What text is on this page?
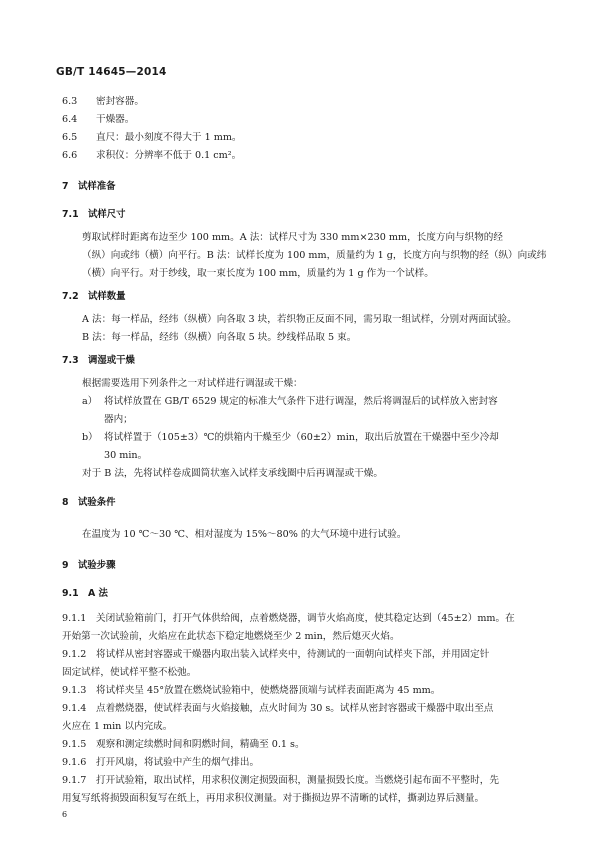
GB/T 14645—2014
6.3 密封容器。
6.4 干燥器。
6.5 直尺：最小刻度不得大于 1 mm。
6.6 求积仪：分辨率不低于 0.1 cm²。
7 试样准备
7.1 试样尺寸
剪取试样时距离布边至少 100 mm。A 法：试样尺寸为 330 mm×230 mm，长度方向与织物的经
（纵）向或纬（横）向平行。B 法：试样长度为 100 mm，质量约为 1 g，长度方向与织物的经（纵）向或纬
（横）向平行。对于纱线，取一束长度为 100 mm，质量约为 1 g 作为一个试样。
7.2 试样数量
A 法：每一样品，经纬（纵横）向各取 3 块，若织物正反面不同，需另取一组试样，分别对两面试验。
B 法：每一样品，经纬（纵横）向各取 5 块。纱线样品取 5 束。
7.3 调湿或干燥
根据需要选用下列条件之一对试样进行调湿或干燥：
a） 将试样放置在 GB/T 6529 规定的标准大气条件下进行调湿，然后将调湿后的试样放入密封容
器内；
b） 将试样置于（105±3）℃的烘箱内干燥至少（60±2）min，取出后放置在干燥器中至少冷却
30 min。
对于 B 法，先将试样卷成圆筒状塞入试样支承线圈中后再调湿或干燥。
8 试验条件
在温度为 10 ℃～30 ℃、相对湿度为 15%～80% 的大气环境中进行试验。
9 试验步骤
9.1 A 法
9.1.1 关闭试验箱前门，打开气体供给阀，点着燃烧器，调节火焰高度，使其稳定达到（45±2）mm。在
开始第一次试验前，火焰应在此状态下稳定地燃烧至少 2 min，然后熄灭火焰。
9.1.2 将试样从密封容器或干燥器内取出装入试样夹中，待测试的一面朝向试样夹下部，并用固定针
固定试样，使试样平整不松弛。
9.1.3 将试样夹呈 45°放置在燃烧试验箱中，使燃烧器顶端与试样表面距离为 45 mm。
9.1.4 点着燃烧器，使试样表面与火焰接触，点火时间为 30 s。试样从密封容器或干燥器中取出至点
火应在 1 min 以内完成。
9.1.5 观察和测定续燃时间和阴燃时间，精确至 0.1 s。
9.1.6 打开风扇，将试验中产生的烟气排出。
9.1.7 打开试验箱，取出试样，用求积仪测定损毁面积，测量损毁长度。当燃烧引起布面不平整时，先
用复写纸将损毁面积复写在纸上，再用求积仪测量。对于撕损边界不清晰的试样，撕剥边界后测量。
6
